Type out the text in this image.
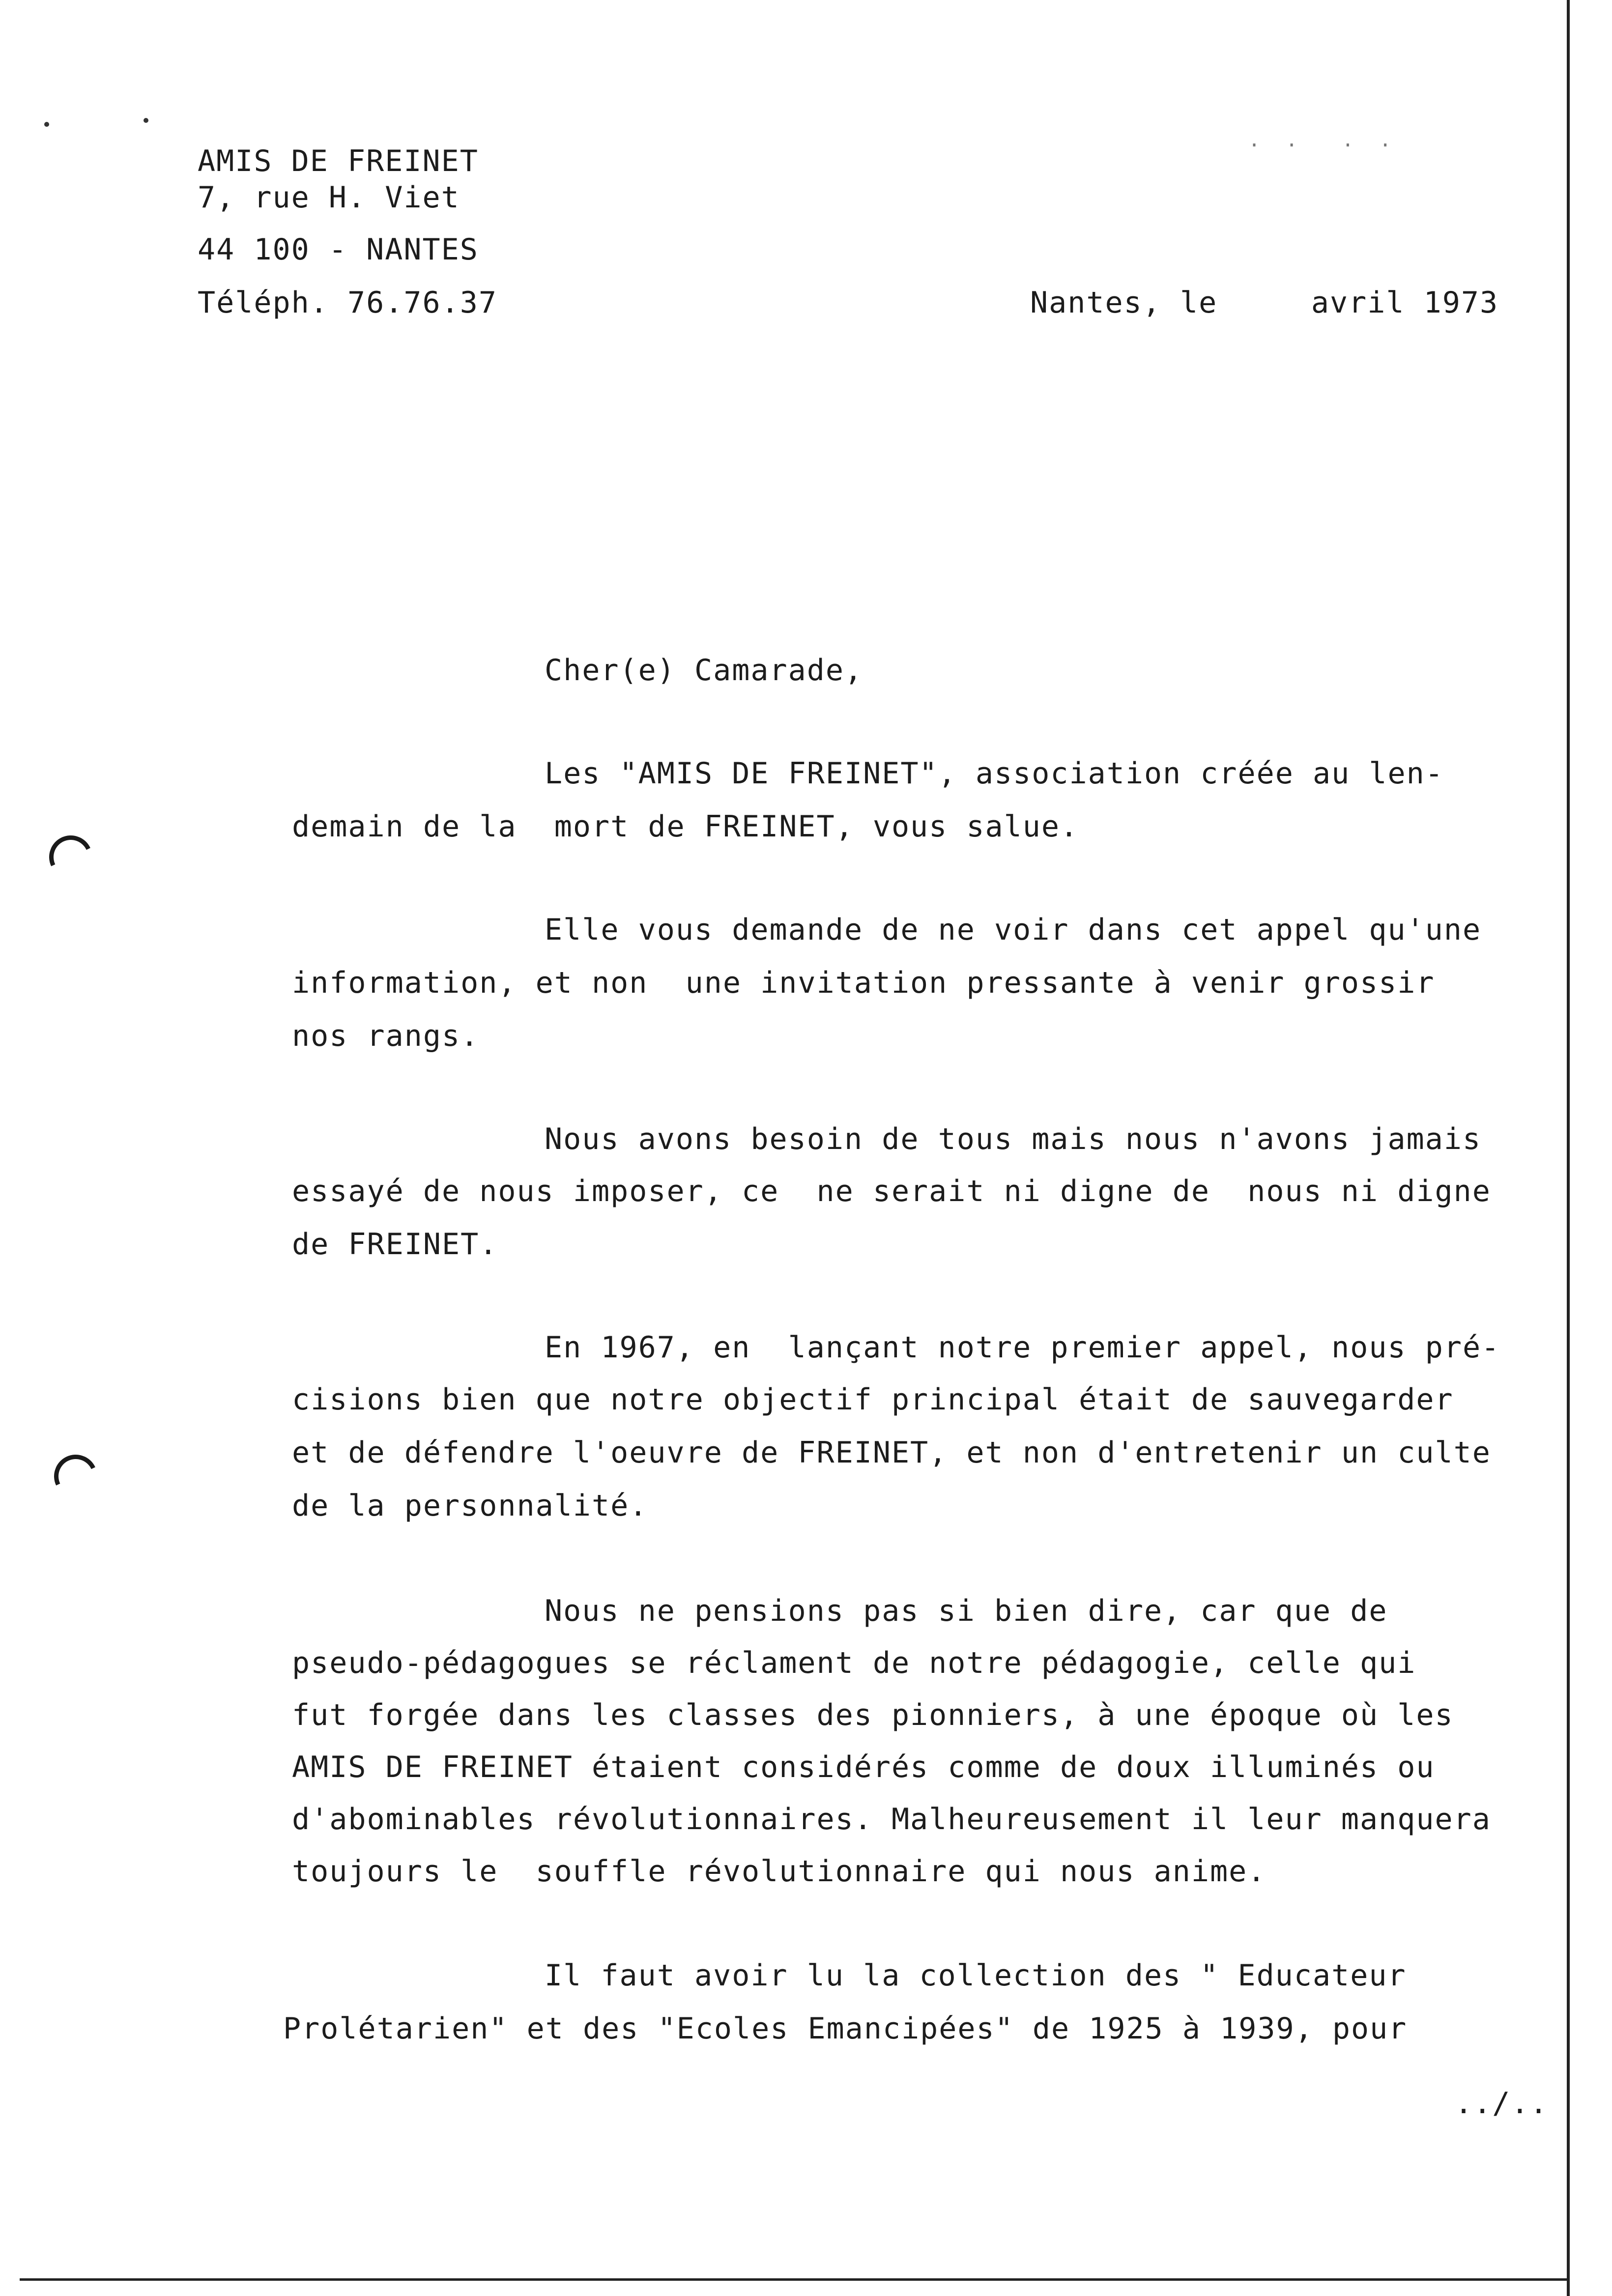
. .  . .
AMIS DE FREINET
7, rue H. Viet
44 100 - NANTES
Téléph. 76.76.37	Nantes, le     avril 1973
Cher(e) Camarade,
Les "AMIS DE FREINET", association créée au len-
demain de la  mort de FREINET, vous salue.
Elle vous demande de ne voir dans cet appel qu'une
information, et non  une invitation pressante à venir grossir
nos rangs.
Nous avons besoin de tous mais nous n'avons jamais
essayé de nous imposer, ce  ne serait ni digne de  nous ni digne
de FREINET.
En 1967, en  lançant notre premier appel, nous pré-
cisions bien que notre objectif principal était de sauvegarder
et de défendre l'oeuvre de FREINET, et non d'entretenir un culte
de la personnalité.
Nous ne pensions pas si bien dire, car que de
pseudo-pédagogues se réclament de notre pédagogie, celle qui
fut forgée dans les classes des pionniers, à une époque où les
AMIS DE FREINET étaient considérés comme de doux illuminés ou
d'abominables révolutionnaires. Malheureusement il leur manquera
toujours le  souffle révolutionnaire qui nous anime.
Il faut avoir lu la collection des " Educateur
Prolétarien" et des "Ecoles Emancipées" de 1925 à 1939, pour
../..
